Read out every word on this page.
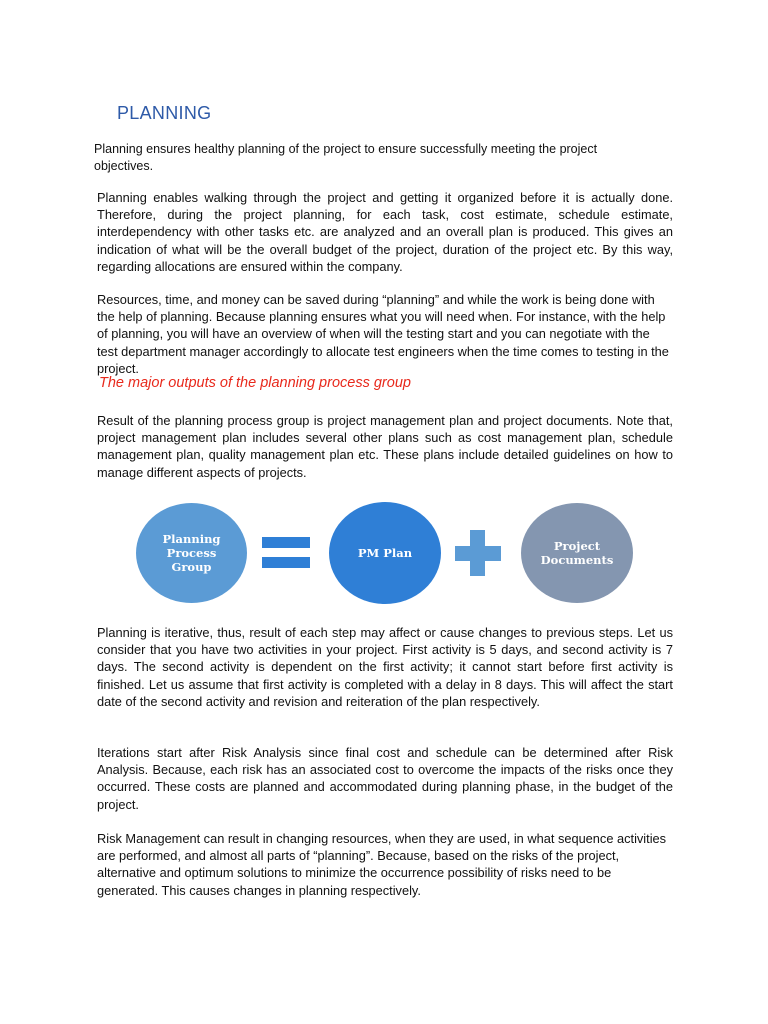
PLANNING
Planning ensures healthy planning of the project to ensure successfully meeting the project objectives.
Planning enables walking through the project and getting it organized before it is actually done. Therefore, during the project planning, for each task, cost estimate, schedule estimate, interdependency with other tasks etc. are analyzed and an overall plan is produced. This gives an indication of what will be the overall budget of the project, duration of the project etc. By this way, regarding allocations are ensured within the company.
Resources, time, and money can be saved during “planning” and while the work is being done with the help of planning. Because planning ensures what you will need when. For instance, with the help of planning, you will have an overview of when will the testing start and you can negotiate with the test department manager accordingly to allocate test engineers when the time comes to testing in the project.
The major outputs of the planning process group
Result of the planning process group is project management plan and project documents. Note that, project management plan includes several other plans such as cost management plan, schedule management plan, quality management plan etc. These plans include detailed guidelines on how to manage different aspects of projects.
Planning Process Group
PM Plan	Project Documents
Planning is iterative, thus, result of each step may affect or cause changes to previous steps. Let us consider that you have two activities in your project. First activity is 5 days, and second activity is 7 days. The second activity is dependent on the first activity; it cannot start before first activity is finished. Let us assume that first activity is completed with a delay in 8 days. This will affect the start date of the second activity and revision and reiteration of the plan respectively.
Iterations start after Risk Analysis since final cost and schedule can be determined after Risk Analysis. Because, each risk has an associated cost to overcome the impacts of the risks once they occurred. These costs are planned and accommodated during planning phase, in the budget of the project.
Risk Management can result in changing resources, when they are used, in what sequence activities are performed, and almost all parts of “planning”. Because, based on the risks of the project, alternative and optimum solutions to minimize the occurrence possibility of risks need to be generated. This causes changes in planning respectively.
